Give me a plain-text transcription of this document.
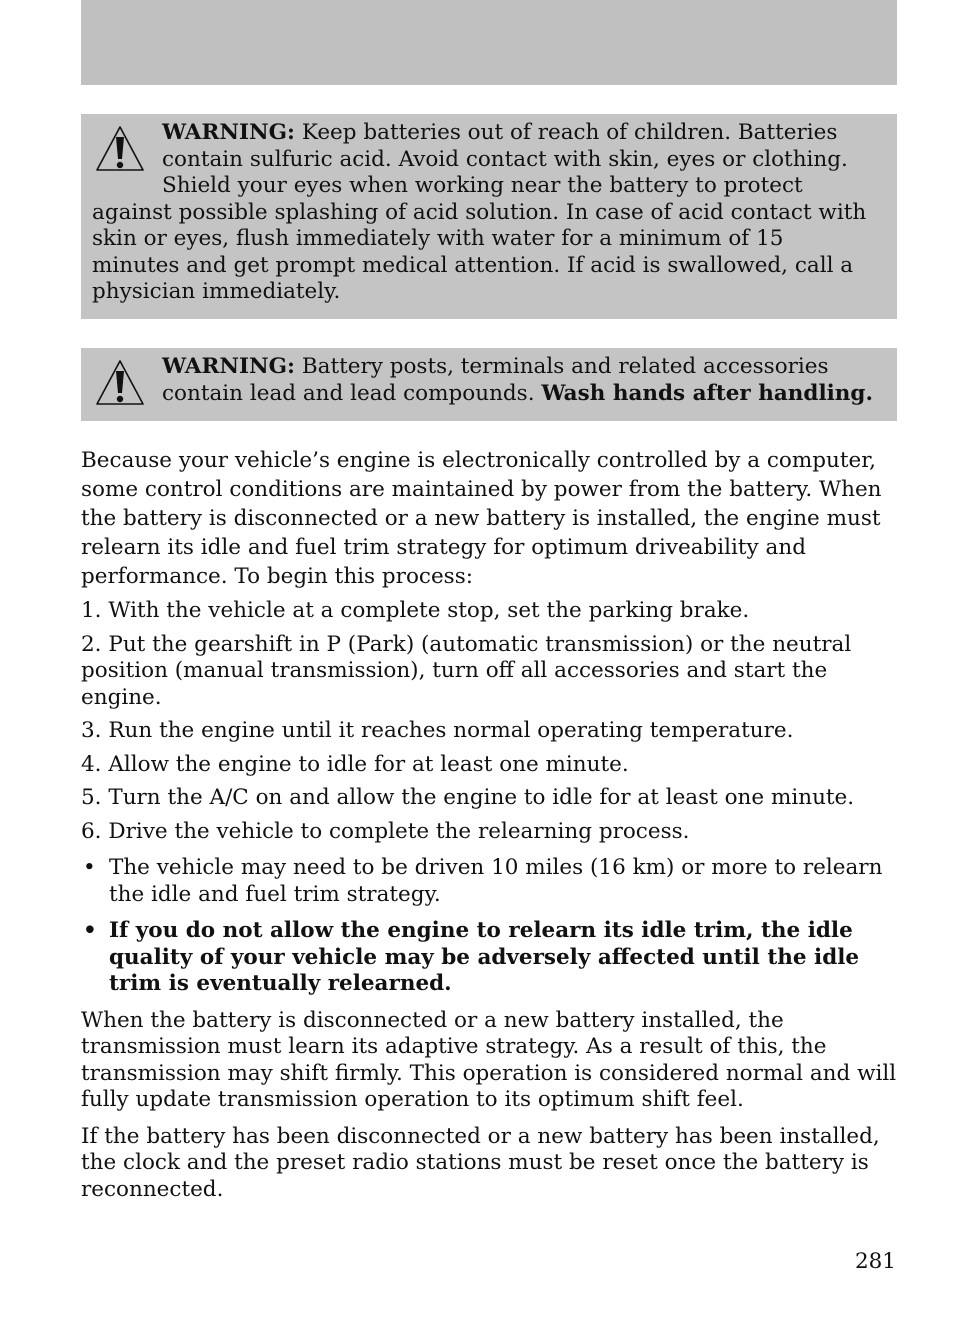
WARNING: Keep batteries out of reach of children. Batteries contain sulfuric acid. Avoid contact with skin, eyes or clothing. Shield your eyes when working near the battery to protect against possible splashing of acid solution. In case of acid contact with skin or eyes, flush immediately with water for a minimum of 15 minutes and get prompt medical attention. If acid is swallowed, call a physician immediately.
WARNING: Battery posts, terminals and related accessories contain lead and lead compounds. Wash hands after handling.

Because your vehicle’s engine is electronically controlled by a computer, some control conditions are maintained by power from the battery. When the battery is disconnected or a new battery is installed, the engine must relearn its idle and fuel trim strategy for optimum driveability and performance. To begin this process:

1. With the vehicle at a complete stop, set the parking brake.

2. Put the gearshift in P (Park) (automatic transmission) or the neutral position (manual transmission), turn off all accessories and start the engine.

3. Run the engine until it reaches normal operating temperature.

4. Allow the engine to idle for at least one minute.

5. Turn the A/C on and allow the engine to idle for at least one minute.

6. Drive the vehicle to complete the relearning process.

• The vehicle may need to be driven 10 miles (16 km) or more to relearn the idle and fuel trim strategy.

• If you do not allow the engine to relearn its idle trim, the idle quality of your vehicle may be adversely affected until the idle trim is eventually relearned.

When the battery is disconnected or a new battery installed, the transmission must learn its adaptive strategy. As a result of this, the transmission may shift firmly. This operation is considered normal and will fully update transmission operation to its optimum shift feel.

If the battery has been disconnected or a new battery has been installed, the clock and the preset radio stations must be reset once the battery is reconnected.

281
